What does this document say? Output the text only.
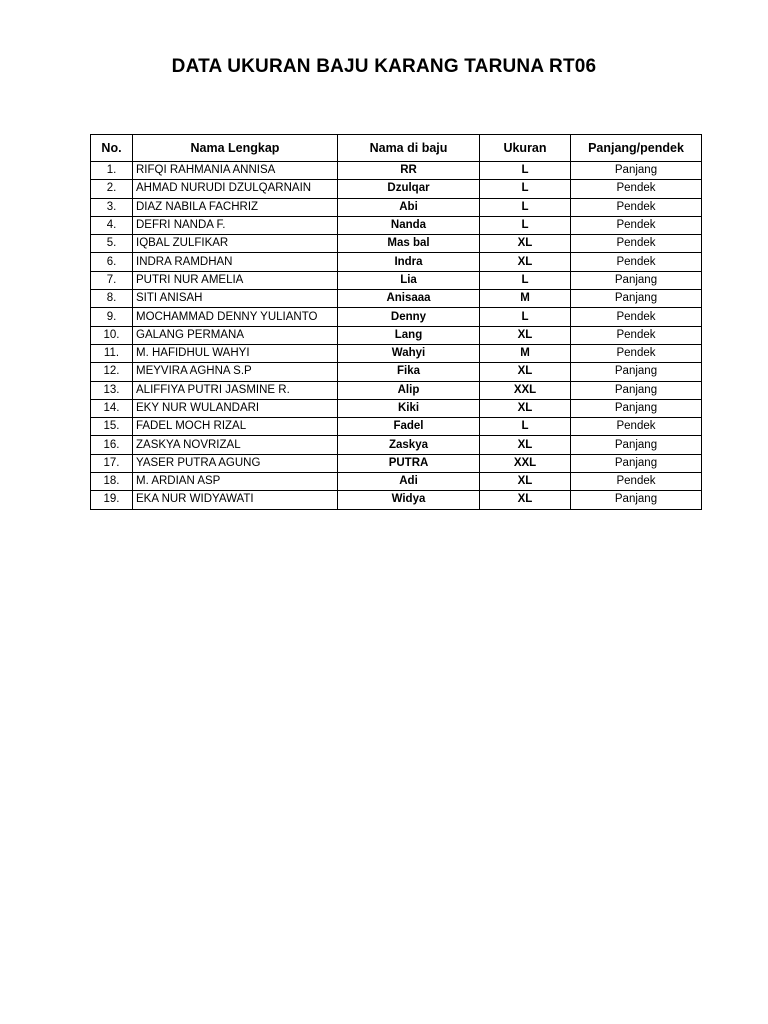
DATA UKURAN BAJU KARANG TARUNA RT06
No.	Nama Lengkap	Nama di baju	Ukuran	Panjang/pendek
1.	RIFQI RAHMANIA ANNISA	RR	L	Panjang
2.	AHMAD NURUDI DZULQARNAIN	Dzulqar	L	Pendek
3.	DIAZ NABILA FACHRIZ	Abi	L	Pendek
4.	DEFRI NANDA F.	Nanda	L	Pendek
5.	IQBAL ZULFIKAR	Mas bal	XL	Pendek
6.	INDRA RAMDHAN	Indra	XL	Pendek
7.	PUTRI NUR AMELIA	Lia	L	Panjang
8.	SITI ANISAH	Anisaaa	M	Panjang
9.	MOCHAMMAD DENNY YULIANTO	Denny	L	Pendek
10.	GALANG PERMANA	Lang	XL	Pendek
11.	M. HAFIDHUL WAHYI	Wahyi	M	Pendek
12.	MEYVIRA AGHNA S.P	Fika	XL	Panjang
13.	ALIFFIYA PUTRI JASMINE R.	Alip	XXL	Panjang
14.	EKY NUR WULANDARI	Kiki	XL	Panjang
15.	FADEL MOCH RIZAL	Fadel	L	Pendek
16.	ZASKYA NOVRIZAL	Zaskya	XL	Panjang
17.	YASER PUTRA AGUNG	PUTRA	XXL	Panjang
18.	M. ARDIAN ASP	Adi	XL	Pendek
19.	EKA NUR WIDYAWATI	Widya	XL	Panjang
